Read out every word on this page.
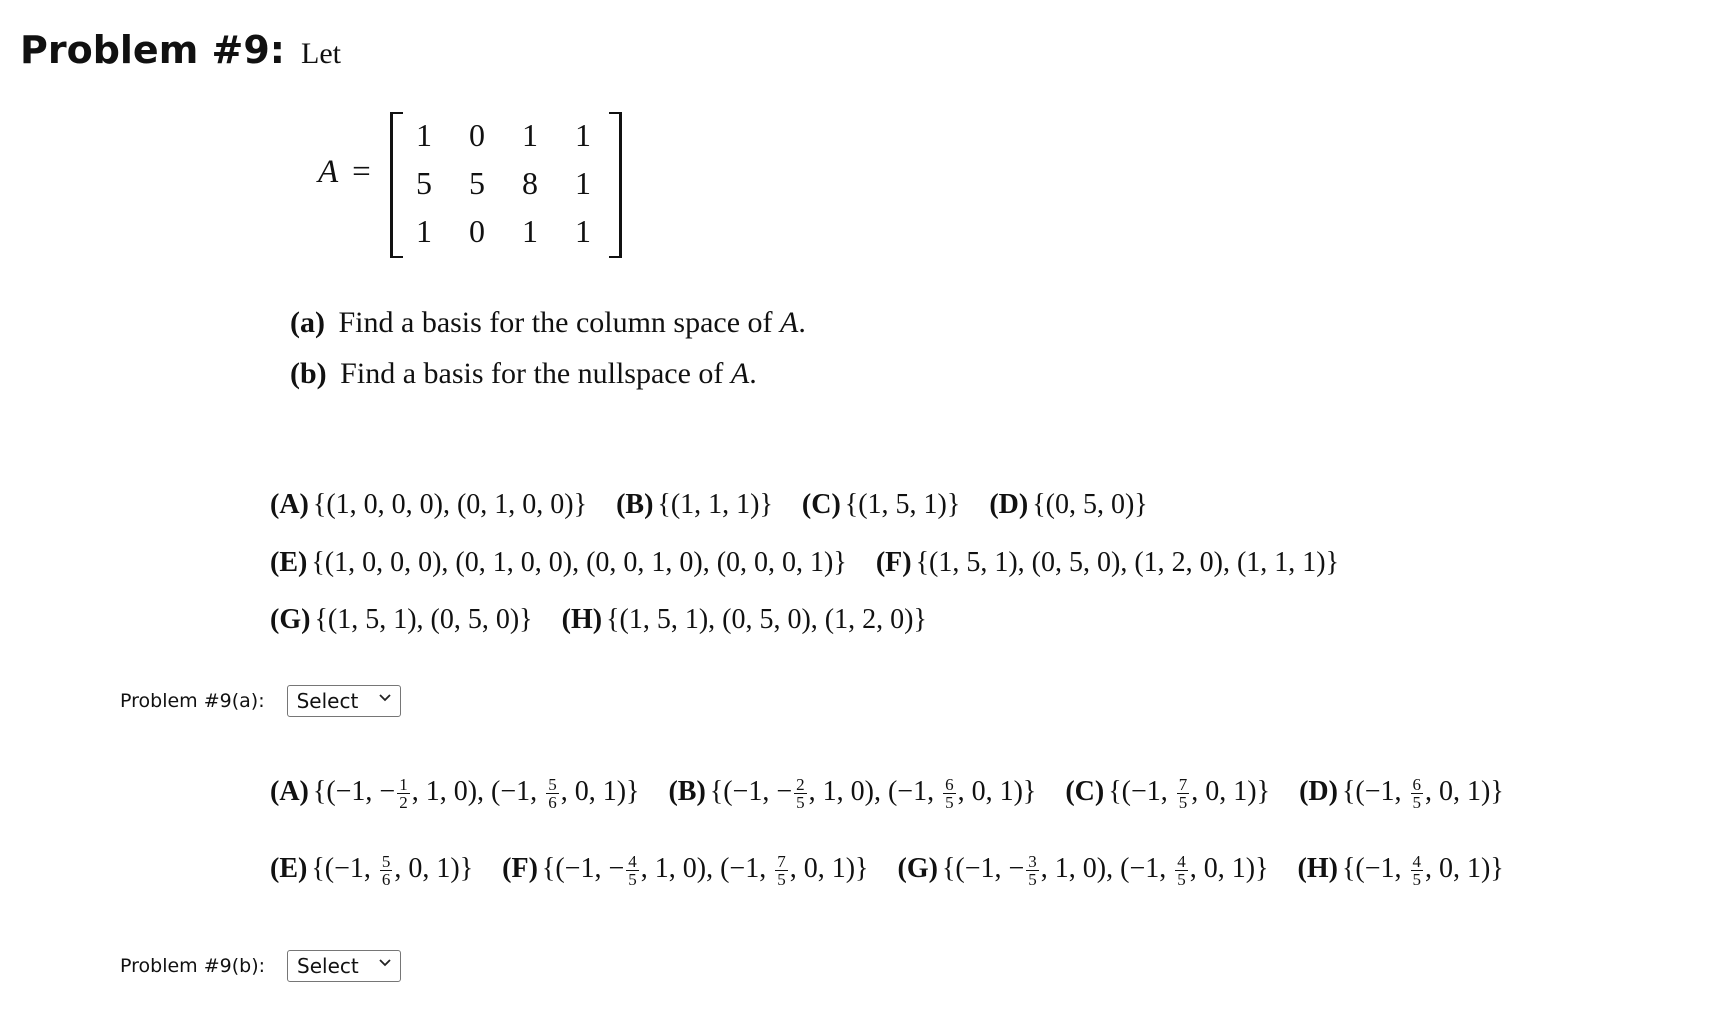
Problem #9: Let
A =
1	0	1	1
5	5	8	1
1	0	1	1
(a) Find a basis for the column space of A.
(b) Find a basis for the nullspace of A.
(A) {(1, 0, 0, 0), (0, 1, 0, 0)} (B) {(1, 1, 1)} (C) {(1, 5, 1)} (D) {(0, 5, 0)}
(E) {(1, 0, 0, 0), (0, 1, 0, 0), (0, 0, 1, 0), (0, 0, 0, 1)} (F) {(1, 5, 1), (0, 5, 0), (1, 2, 0), (1, 1, 1)}
(G) {(1, 5, 1), (0, 5, 0)} (H) {(1, 5, 1), (0, 5, 0), (1, 2, 0)}
Problem #9(a): Select
(A) {(−1, − $\frac{1}{2}$ , 1, 0), (−1, $\frac{5}{6}$ , 0, 1)} (B) {(−1, − $\frac{2}{5}$ , 1, 0), (−1, $\frac{6}{5}$ , 0, 1)} (C) {(−1, $\frac{7}{5}$ , 0, 1)} (D) {(−1, $\frac{6}{5}$ , 0, 1)}
(E) {(−1, $\frac{5}{6}$ , 0, 1)} (F) {(−1, − $\frac{4}{5}$ , 1, 0), (−1, $\frac{7}{5}$ , 0, 1)} (G) {(−1, − $\frac{3}{5}$ , 1, 0), (−1, $\frac{4}{5}$ , 0, 1)} (H) {(−1, $\frac{4}{5}$ , 0, 1)}
Problem #9(b): Select
